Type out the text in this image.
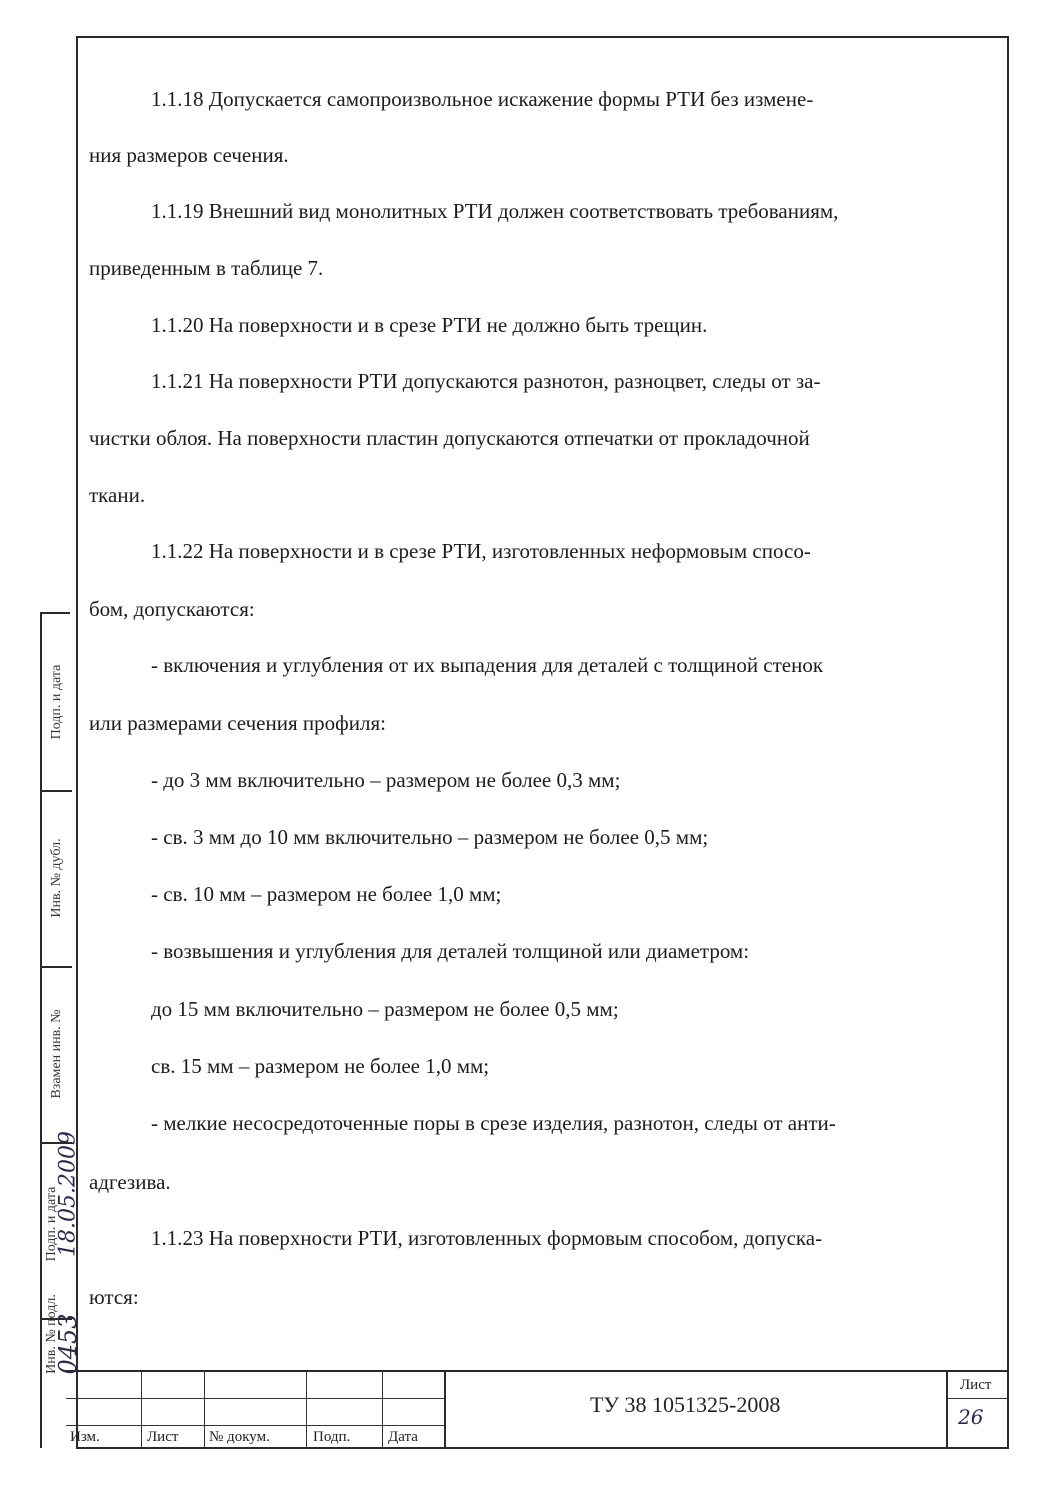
1.1.18 Допускается самопроизвольное искажение формы РТИ без измене-
ния размеров сечения.
1.1.19 Внешний вид монолитных РТИ должен соответствовать требованиям,
приведенным в таблице 7.
1.1.20 На поверхности и в срезе РТИ не должно быть трещин.
1.1.21 На поверхности РТИ допускаются разнотон, разноцвет, следы от за-
чистки облоя. На поверхности пластин допускаются отпечатки от прокладочной
ткани.
1.1.22 На поверхности и в срезе РТИ, изготовленных неформовым спосо-
бом, допускаются:
- включения и углубления от их выпадения для деталей с толщиной стенок
или размерами сечения профиля:
- до 3 мм включительно – размером не более 0,3 мм;
- св. 3 мм до 10 мм включительно – размером не более 0,5 мм;
- св. 10 мм – размером не более 1,0 мм;
- возвышения и углубления для деталей толщиной или диаметром:
до 15 мм включительно – размером не более 0,5 мм;
св. 15 мм – размером не более 1,0 мм;
- мелкие несосредоточенные поры в срезе изделия, разнотон, следы от анти-
адгезива.
1.1.23 На поверхности РТИ, изготовленных формовым способом, допуска-
ются:
Подп. и дата
Инв. № дубл.
Взамен инв. №
Подп. и дата
18.05.2009
Инв. № подл.
0453
Изм.	Лист № докум.	Подп.	Дата
ТУ 38 1051325-2008
Лист
26
